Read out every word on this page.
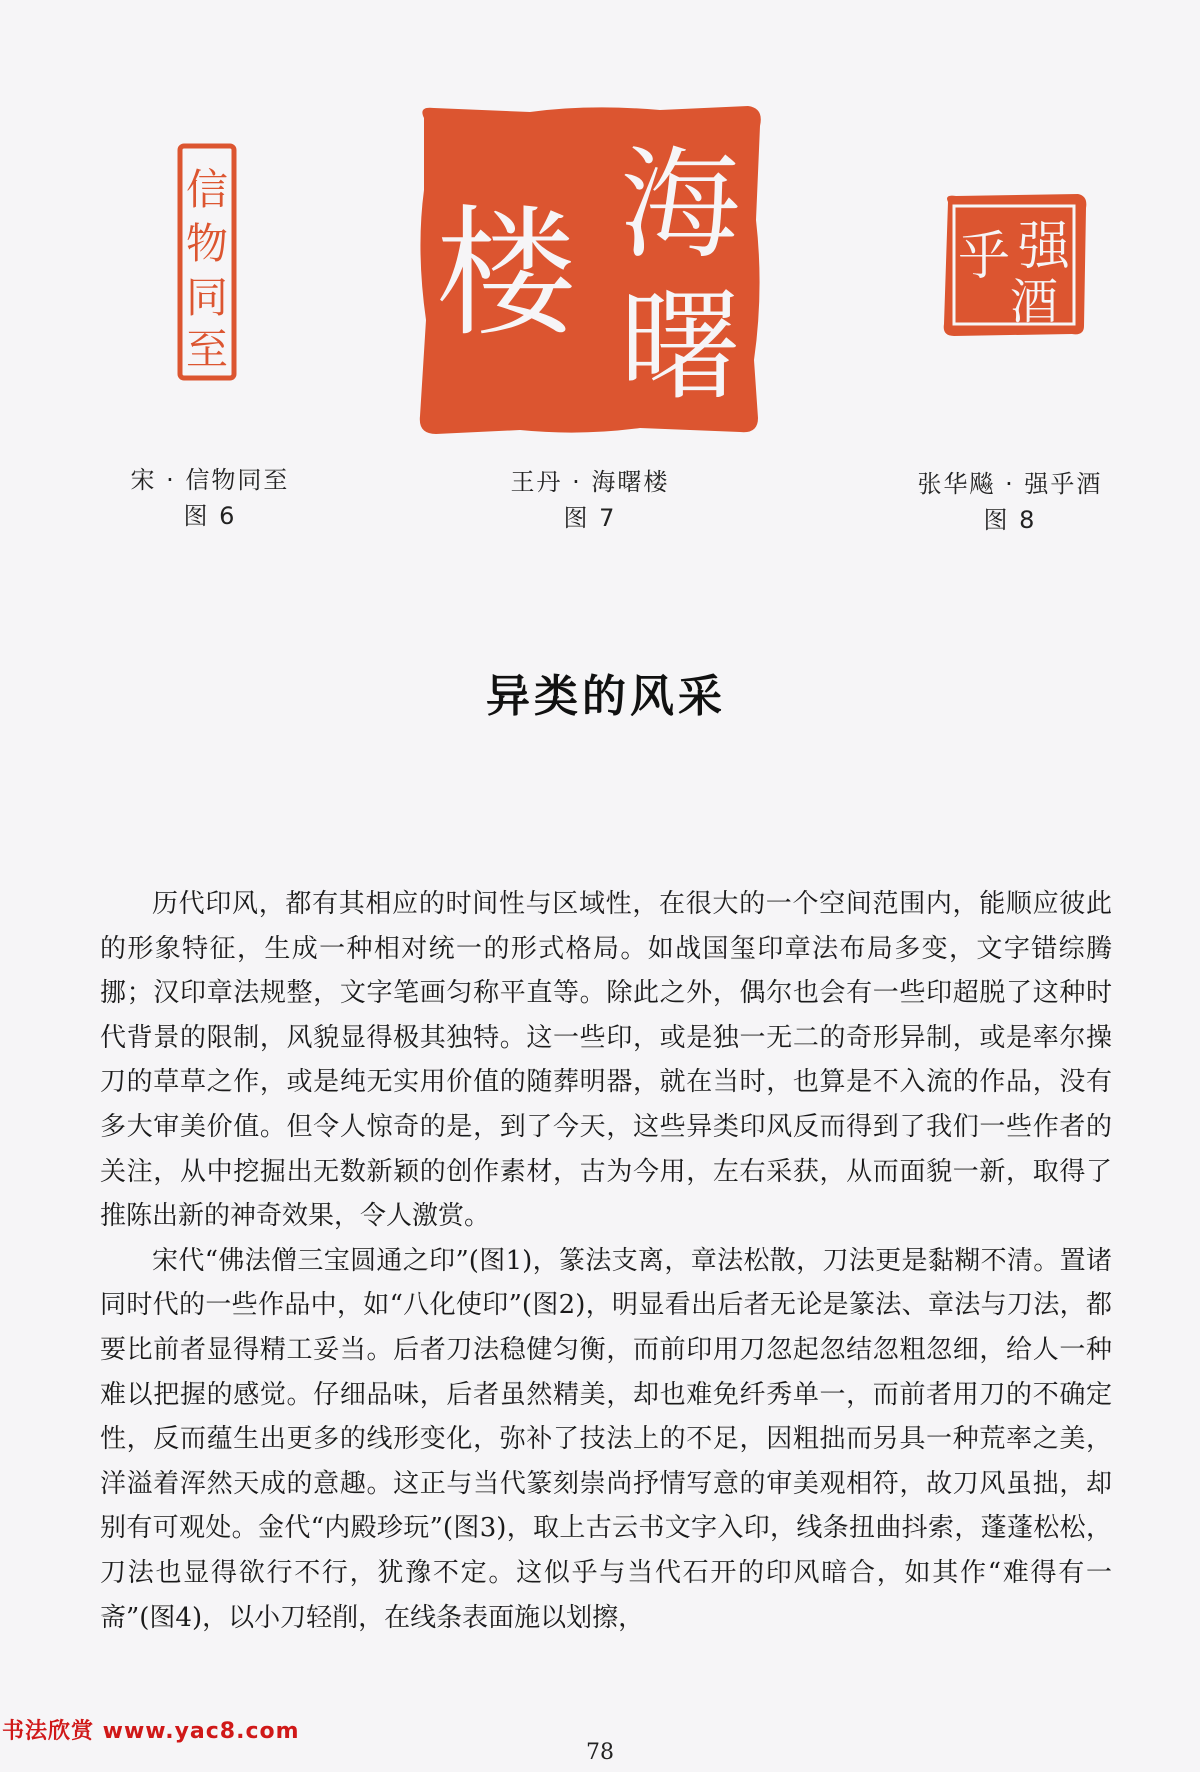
信
物
同
至
海
曙
楼	强
乎
酒
宋 · 信物同至
图 6
王丹 · 海曙楼
图 7
张华飚 · 强乎酒
图 8
异类的风采

历代印风，都有其相应的时间性与区域性，在很大的一个空间范围内，能顺应彼此的形象特征，生成一种相对统一的形式格局。如战国玺印章法布局多变，文字错综腾挪；汉印章法规整，文字笔画匀称平直等。除此之外，偶尔也会有一些印超脱了这种时代背景的限制，风貌显得极其独特。这一些印，或是独一无二的奇形异制，或是率尔操刀的草草之作，或是纯无实用价值的随葬明器，就在当时，也算是不入流的作品，没有多大审美价值。但令人惊奇的是，到了今天，这些异类印风反而得到了我们一些作者的关注，从中挖掘出无数新颖的创作素材，古为今用，左右采获，从而面貌一新，取得了推陈出新的神奇效果，令人激赏。

宋代“佛法僧三宝圆通之印”(图1)，篆法支离，章法松散，刀法更是黏糊不清。置诸同时代的一些作品中，如“八化使印”(图2)，明显看出后者无论是篆法、章法与刀法，都要比前者显得精工妥当。后者刀法稳健匀衡，而前印用刀忽起忽结忽粗忽细，给人一种难以把握的感觉。仔细品味，后者虽然精美，却也难免纤秀单一，而前者用刀的不确定性，反而蕴生出更多的线形变化，弥补了技法上的不足，因粗拙而另具一种荒率之美，洋溢着浑然天成的意趣。这正与当代篆刻崇尚抒情写意的审美观相符，故刀风虽拙，却别有可观处。金代“内殿珍玩”(图3)，取上古云书文字入印，线条扭曲抖索，蓬蓬松松，刀法也显得欲行不行，犹豫不定。这似乎与当代石开的印风暗合，如其作“难得有一斋”(图4)，以小刀轻削，在线条表面施以划擦，

书法欣赏 www.yac8.com
78
